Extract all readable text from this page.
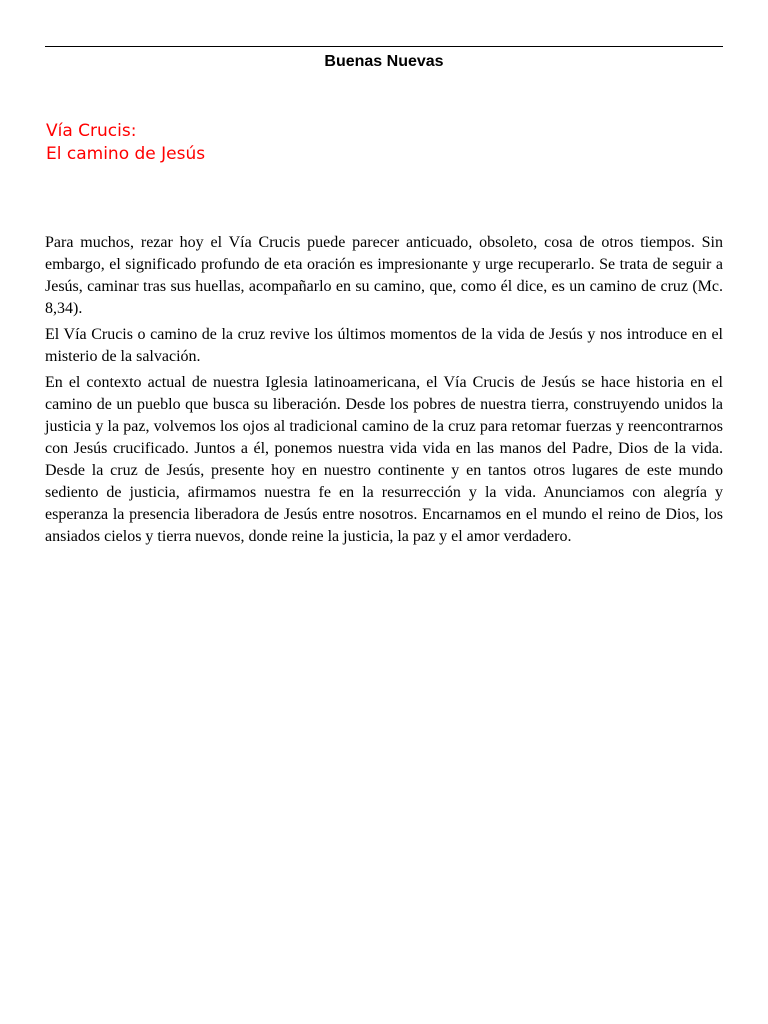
Buenas Nuevas
Vía Crucis:
El camino de Jesús

Para muchos, rezar hoy el Vía Crucis puede parecer anticuado, obsoleto, cosa de otros tiempos. Sin embargo, el significado profundo de eta oración es impresionante y urge recuperarlo. Se trata de seguir a Jesús, caminar tras sus huellas, acompañarlo en su camino, que, como él dice, es un camino de cruz (Mc. 8,34).

El Vía Crucis o camino de la cruz revive los últimos momentos de la vida de Jesús y nos introduce en el misterio de la salvación.

En el contexto actual de nuestra Iglesia latinoamericana, el Vía Crucis de Jesús se hace historia en el camino de un pueblo que busca su liberación. Desde los pobres de nuestra tierra, construyendo unidos la justicia y la paz, volvemos los ojos al tradicional camino de la cruz para retomar fuerzas y reencontrarnos con Jesús crucificado. Juntos a él, ponemos nuestra vida vida en las manos del Padre, Dios de la vida. Desde la cruz de Jesús, presente hoy en nuestro continente y en tantos otros lugares de este mundo sediento de justicia, afirmamos nuestra fe en la resurrección y la vida. Anunciamos con alegría y esperanza la presencia liberadora de Jesús entre nosotros. Encarnamos en el mundo el reino de Dios, los ansiados cielos y tierra nuevos, donde reine la justicia, la paz y el amor verdadero.
